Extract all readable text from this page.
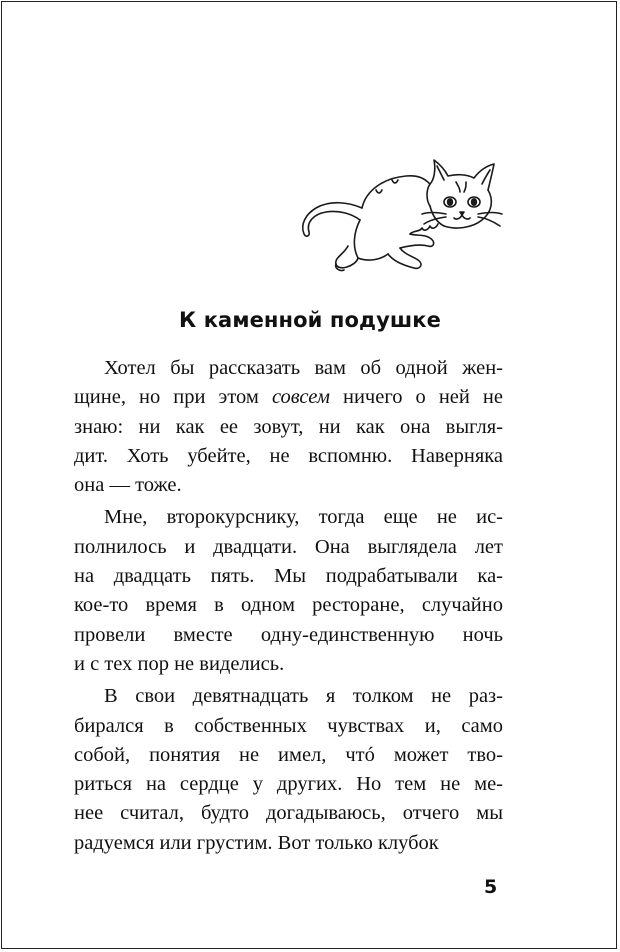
К каменной подушке
Хотел бы рассказать вам об одной жен-
щине, но при этом совсем ничего о ней не
знаю: ни как ее зовут, ни как она выгля-
дит. Хоть убейте, не вспомню. Наверняка
она — тоже.
Мне, второкурснику, тогда еще не ис-
полнилось и двадцати. Она выглядела лет
на двадцать пять. Мы подрабатывали ка-
кое-то время в одном ресторане, случайно
провели вместе одну-единственную ночь
и с тех пор не виделись.
В свои девятнадцать я толком не раз-
бирался в собственных чувствах и, само
собой, понятия не имел, чтó может тво-
риться на сердце у других. Но тем не ме-
нее считал, будто догадываюсь, отчего мы
радуемся или грустим. Вот только клубок
5
